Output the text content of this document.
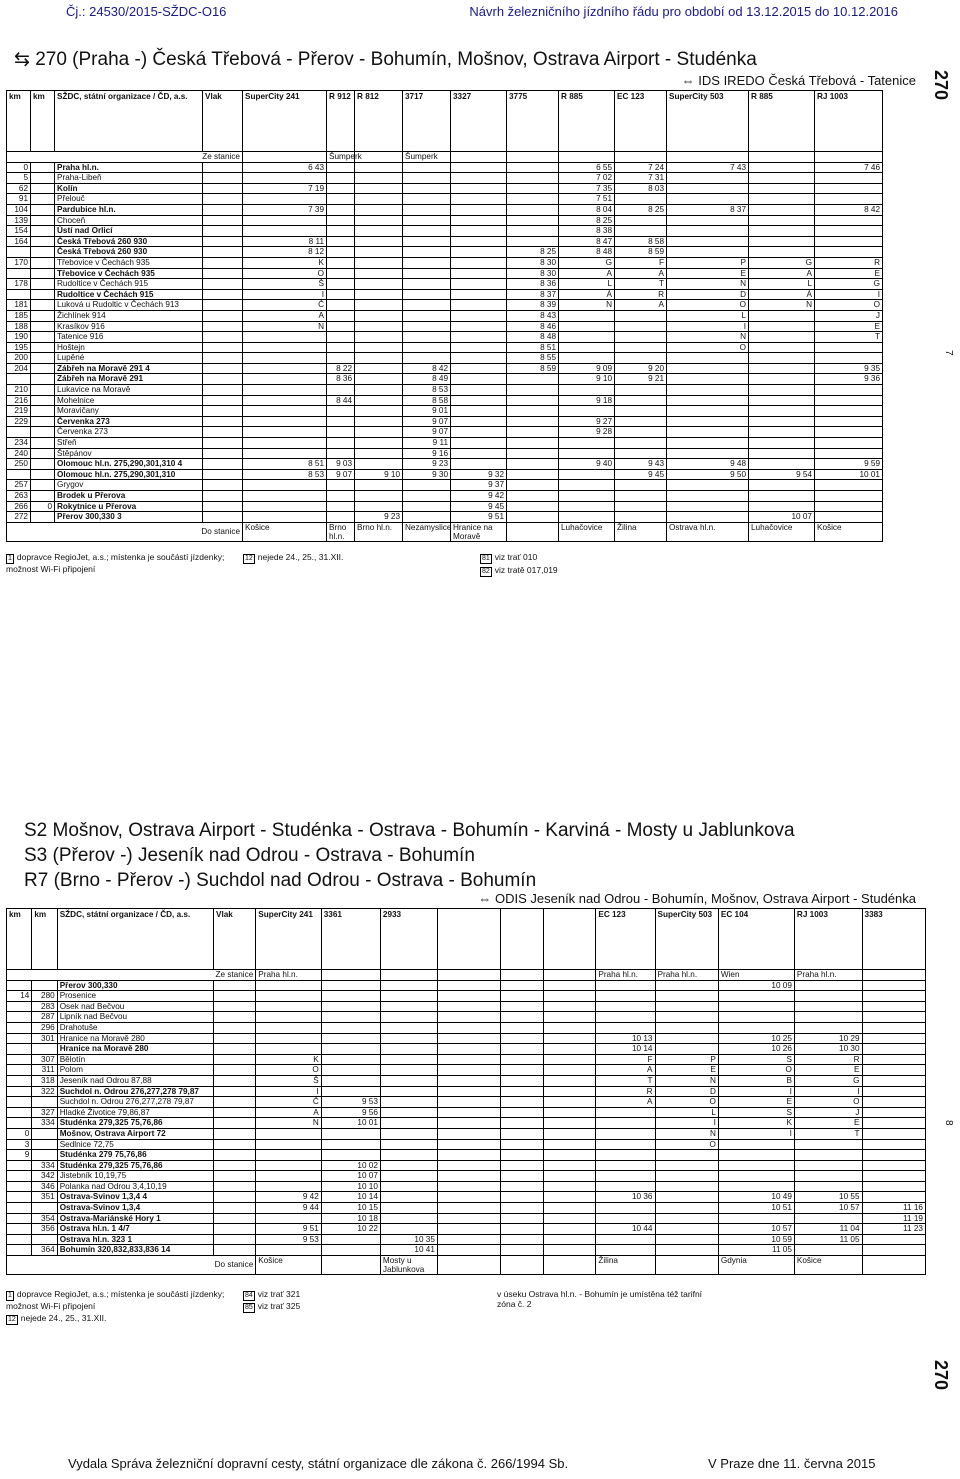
Čj.: 24530/2015-SŽDC-O16	Návrh železničního jízdního řádu pro období od 13.12.2015 do 10.12.2016
⇆ 270 (Praha -) Česká Třebová - Přerov - Bohumín, Mošnov, Ostrava Airport - Studénka
⇔ IDS IREDO Česká Třebová - Tatenice 270
7
km	km	SŽDC, státní organizace / ČD, a.s.	Vlak	SuperCity 241	R 912	R 812	3717	3327	3775	R 885	EC 123	SuperCity 503	R 885	RJ 1003
Ze stanice					Šumperk		Šumperk							
0		Praha hl.n.		6 43						6 55	7 24	7 43		7 46
5		Praha-Libeň								7 02	7 31			
62		Kolín		7 19						7 35	8 03			
91		Přelouč								7 51				
104		Pardubice hl.n.		7 39						8 04	8 25	8 37		8 42
139		Choceň								8 25				
154		Ústí nad Orlicí								8 38				
164		Česká Třebová 260 930		8 11						8 47	8 58			
		Česká Třebová 260 930		8 12					8 25	8 48	8 59			
170		Třebovice v Čechách 935		K					8 30	G	F	P	G	R
		Třebovice v Čechách 935		O					8 30	A	A	E	A	E
178		Rudoltice v Čechách 915		Š					8 36	L	T	N	L	G
		Rudoltice v Čechách 915		I					8 37	Á	R	D	Á	I
181		Luková u Rudoltic v Čechách 913		Č					8 39	N	A	O	N	O
185		Žichlínek 914		A					8 43			L		J
188		Krasíkov 916		N					8 46			I		E
190		Tatenice 916							8 48			N		T
195		Hoštejn							8 51			O		
200		Lupěné							8 55					
204		Zábřeh na Moravě 291 4			8 22		8 42		8 59	9 09	9 20			9 35
		Zábřeh na Moravě 291			8 36		8 49			9 10	9 21			9 36
210		Lukavice na Moravě					8 53							
216		Mohelnice			8 44		8 58			9 18				
219		Moravičany					9 01							
229		Červenka 273					9 07			9 27				
		Červenka 273					9 07			9 28				
234		Střeň					9 11							
240		Štěpánov					9 16							
250		Olomouc hl.n. 275,290,301,310 4		8 51	9 03		9 23			9 40	9 43	9 48		9 59
		Olomouc hl.n. 275,290,301,310		8 53	9 07	9 10	9 30	9 32			9 45	9 50	9 54	10 01
257		Grygov						9 37						
263		Brodek u Přerova						9 42						
266	0	Rokytnice u Přerova						9 45						
272		Přerov 300,330 3				9 23		9 51					10 07	
Do stanice				Košice	Brno hl.n.	Brno hl.n.	Nezamyslice	Hranice na Moravě		Luhačovice	Žilina	Ostrava hl.n.	Luhačovice	Košice
1 dopravce RegioJet, a.s.; místenka je součástí jízdenky; možnost Wi-Fi připojení
12 nejede 24., 25., 31.XII.	81 viz trať 010
82 viz tratě 017,019
S2 Mošnov, Ostrava Airport - Studénka - Ostrava - Bohumín - Karviná - Mosty u Jablunkova
S3 (Přerov -) Jeseník nad Odrou - Ostrava - Bohumín
R7 (Brno - Přerov -) Suchdol nad Odrou - Ostrava - Bohumín
⇔ ODIS Jeseník nad Odrou - Bohumín, Mošnov, Ostrava Airport - Studénka
8
270
km	km	SŽDC, státní organizace / ČD, a.s.	Vlak	SuperCity 241	3361	2933				EC 123	SuperCity 503	EC 104	RJ 1003	3383
Ze stanice				Praha hl.n.						Praha hl.n.	Praha hl.n.	Wien	Praha hl.n.	
		Přerov 300,330										10 09		
14	280	Prosenice												
	283	Osek nad Bečvou												
	287	Lipník nad Bečvou												
	296	Drahotuše												
	301	Hranice na Moravě 280								10 13		10 25	10 29	
		Hranice na Moravě 280								10 14		10 26	10 30	
	307	Bělotín		K						F	P	S	R	
	311	Polom		O						A	E	O	E	
	318	Jeseník nad Odrou 87,88		Š						T	N	B	G	
	322	Suchdol n. Odrou 276,277,278 79,87		I						R	D	I	I	
		Suchdol n. Odrou 276,277,278 79,87		Č	9 53					A	O	E	O	
	327	Hladké Životice 79,86,87		A	9 56						L	S	J	
	334	Studénka 279,325 75,76,86		N	10 01						I	K	E	
0		Mošnov, Ostrava Airport 72									N	I	T	
3		Sedlnice 72,75									O			
9		Studénka 279 75,76,86												
	334	Studénka 279,325 75,76,86			10 02									
	342	Jistebník 10,19,75			10 07									
	346	Polanka nad Odrou 3,4,10,19			10 10									
	351	Ostrava-Svinov 1,3,4 4		9 42	10 14					10 36		10 49	10 55	
		Ostrava-Svinov 1,3,4		9 44	10 15							10 51	10 57	11 16
	354	Ostrava-Mariánské Hory 1			10 18									11 19
	356	Ostrava hl.n. 1 4/7		9 51	10 22					10 44		10 57	11 04	11 23
		Ostrava hl.n. 323 1		9 53		10 35						10 59	11 05	
	364	Bohumín 320,832,833,836 14				10 41						11 05		
Do stanice				Košice		Mosty u Jablunkova				Žilina		Gdynia	Košice	
1 dopravce RegioJet, a.s.; místenka je součástí jízdenky; možnost Wi-Fi připojení
12 nejede 24., 25., 31.XII.
84 viz trať 321
85 viz trať 325
v úseku Ostrava hl.n. - Bohumín je umístěna též tarifní zóna č. 2
Vydala Správa železniční dopravní cesty, státní organizace dle zákona č. 266/1994 Sb.	V Praze dne 11. června 2015
